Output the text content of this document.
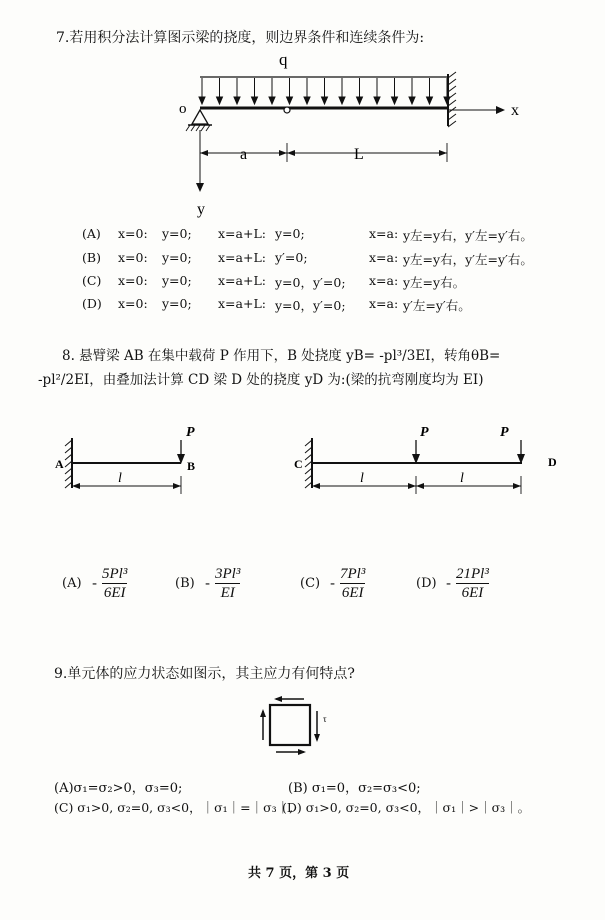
7.若用积分法计算图示梁的挠度，则边界条件和连续条件为:
q
o	x
y
a	L
(A) x=0: y=0; x=a+L: y=0;	x=a: y左=y右，y′左=y′右。
(B) x=0: y=0; x=a+L: y′=0;	x=a: y左=y右，y′左=y′右。
(C) x=0: y=0; x=a+L: y=0，y′=0; x=a: y左=y右。
(D) x=0: y=0; x=a+L: y=0，y′=0; x=a: y′左=y′右。
8. 悬臂梁 AB 在集中载荷 P 作用下，B 处挠度 yB= -pl³/3EI，转角θB=
-pl²/2EI，由叠加法计算 CD 梁 D 处的挠度 yD 为:(梁的抗弯刚度均为 EI)
P
A	B
l
P	P
C	D
l	l
$(A) - \frac{\text{5Pl³}}{6EI}$	$(B) - \frac{\text{3Pl³}}{EI}$	$(C) - \frac{\text{7Pl³}}{6EI}$	$(D) - \frac{\text{21Pl³}}{6EI}$
9.单元体的应力状态如图示，其主应力有何特点?
τ
(A)σ₁=σ₂>0，σ₃=0;	(B) σ₁=0，σ₂=σ₃<0;
(C) σ₁>0, σ₂=0, σ₃<0，｜σ₁｜=｜σ₃｜,
(D) σ₁>0, σ₂=0, σ₃<0，｜σ₁｜>｜σ₃｜。
共 7 页，第 3 页
